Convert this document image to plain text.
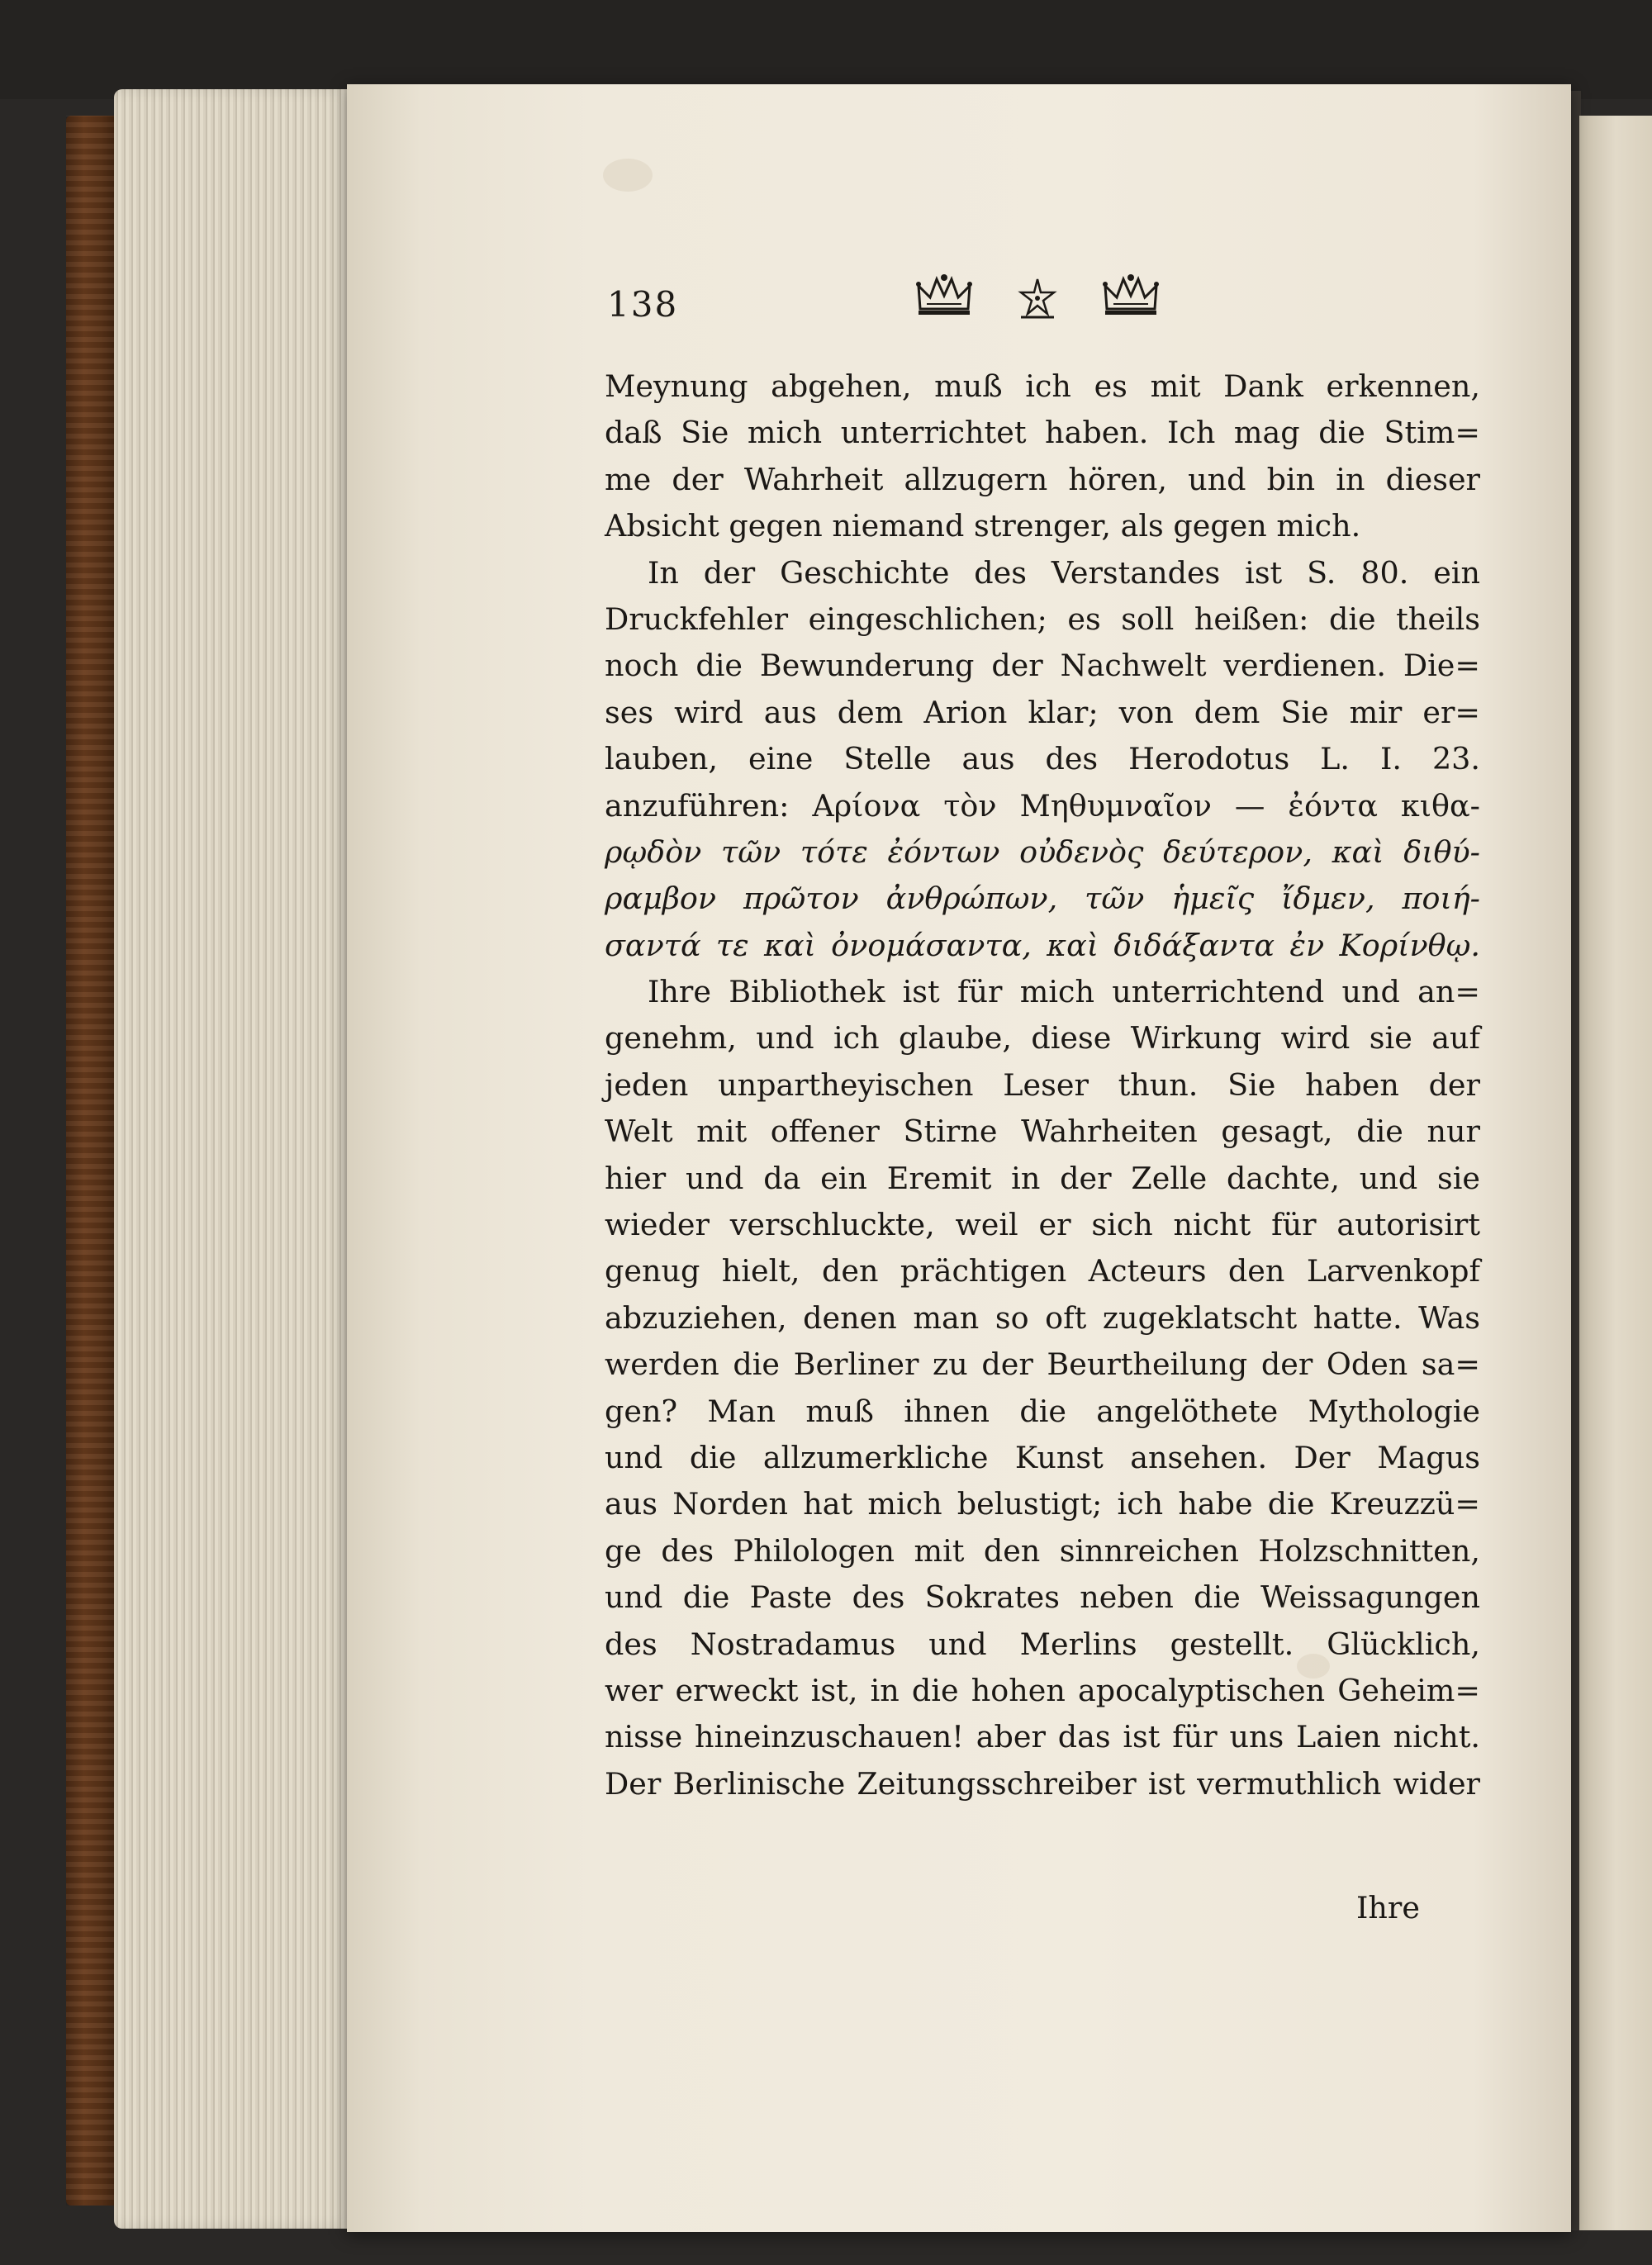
138
Meynung abgehen, muß ich es mit Dank erkennen,
daß Sie mich unterrichtet haben. Ich mag die Stim=
me der Wahrheit allzugern hören, und bin in dieser
Absicht gegen niemand strenger, als gegen mich.
In der Geschichte des Verstandes ist S. 80. ein
Druckfehler eingeschlichen; es soll heißen: die theils
noch die Bewunderung der Nachwelt verdienen. Die=
ses wird aus dem Arion klar; von dem Sie mir er=
lauben, eine Stelle aus des Herodotus L. I. 23.
anzuführen: Αρίονα τὸν Μηθυμναῖον — ἐόντα κιθα-
ρῳδὸν τῶν τότε ἐόντων οὐδενὸς δεύτερον, καὶ διθύ-
ραμβον πρῶτον ἀνθρώπων, τῶν ἡμεῖς ἴδμεν, ποιή-
σαντά τε καὶ ὀνομάσαντα, καὶ διδάξαντα ἐν Κορίνθῳ.
Ihre Bibliothek ist für mich unterrichtend und an=
genehm, und ich glaube, diese Wirkung wird sie auf
jeden unpartheyischen Leser thun. Sie haben der
Welt mit offener Stirne Wahrheiten gesagt, die nur
hier und da ein Eremit in der Zelle dachte, und sie
wieder verschluckte, weil er sich nicht für autorisirt
genug hielt, den prächtigen Acteurs den Larvenkopf
abzuziehen, denen man so oft zugeklatscht hatte. Was
werden die Berliner zu der Beurtheilung der Oden sa=
gen? Man muß ihnen die angelöthete Mythologie
und die allzumerkliche Kunst ansehen. Der Magus
aus Norden hat mich belustigt; ich habe die Kreuzzü=
ge des Philologen mit den sinnreichen Holzschnitten,
und die Paste des Sokrates neben die Weissagungen
des Nostradamus und Merlins gestellt. Glücklich,
wer erweckt ist, in die hohen apocalyptischen Geheim=
nisse hineinzuschauen! aber das ist für uns Laien nicht.
Der Berlinische Zeitungsschreiber ist vermuthlich wider
Ihre
